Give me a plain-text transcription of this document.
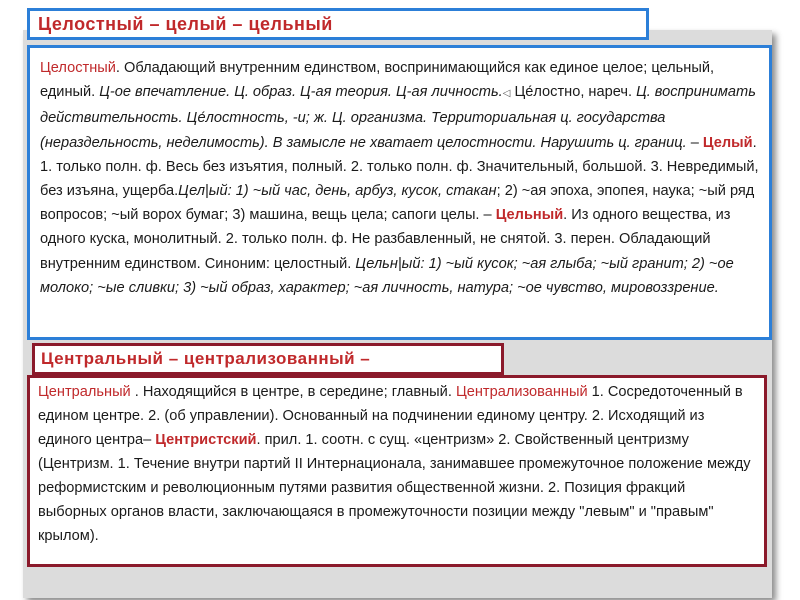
Целостный – целый – цельный
Целостный. Обладающий внутренним единством, воспринимающийся как единое целое; цельный, единый. Ц-ое впечатление. Ц. образ. Ц-ая теория. Ц-ая личность.◁ Це́лостно, нареч. Ц. воспринимать действительность. Це́лостность, -и; ж. Ц. организма. Территориальная ц. государства (нераздельность, неделимость). В замысле не хватает целостности. Нарушить ц. границ. – Целый. 1. только полн. ф. Весь без изъятия, полный. 2. только полн. ф. Значительный, большой. 3. Невредимый, без изъяна, ущерба.Цел|ый: 1) ~ый час, день, арбуз, кусок, стакан; 2) ~ая эпоха, эпопея, наука; ~ый ряд вопросов; ~ый ворох бумаг; 3) машина, вещь цела; сапоги целы. – Цельный. Из одного вещества, из одного куска, монолитный. 2. только полн. ф. Не разбавленный, не снятой. 3. перен. Обладающий внутренним единством. Синоним: целостный. Цельн|ый: 1) ~ый кусок; ~ая глыба; ~ый гранит; 2) ~ое молоко; ~ые сливки; 3) ~ый образ, характер; ~ая личность, натура; ~ое чувство, мировоззрение.
Центральный – централизованный –
Центральный . Находящийся в центре, в середине; главный. Централизованный 1. Сосредоточенный в едином центре. 2. (об управлении). Основанный на подчинении единому центру. 2. Исходящий из единого центра– Центристский. прил. 1. соотн. с сущ. «центризм» 2. Свойственный центризму (Центризм. 1. Течение внутри партий II Интернационала, занимавшее промежуточное положение между реформистским и революционным путями развития общественной жизни. 2. Позиция фракций выборных органов власти, заключающаяся в промежуточности позиции между "левым" и "правым" крылом).
